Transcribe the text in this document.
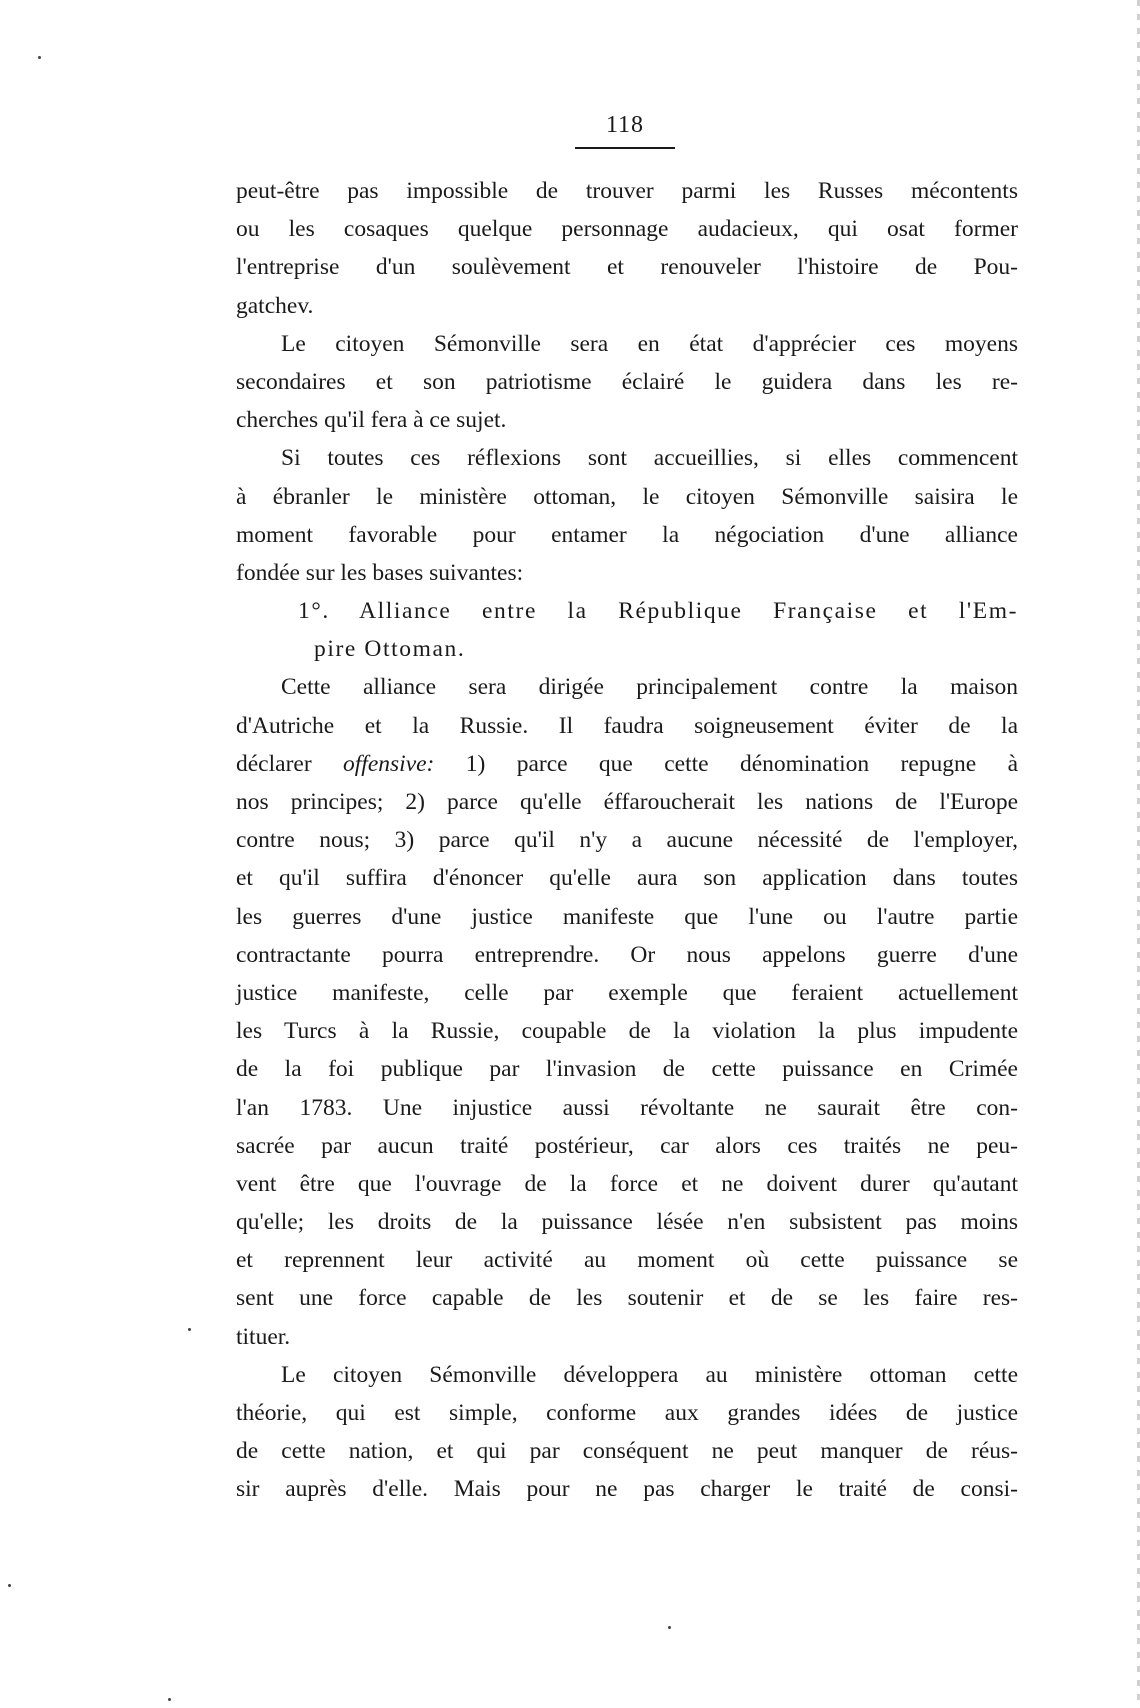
118
peut-être pas impossible de trouver parmi les Russes mécontents
ou les cosaques quelque personnage audacieux, qui osat former
l'entreprise d'un soulèvement et renouveler l'histoire de Pou-
gatchev.
Le citoyen Sémonville sera en état d'apprécier ces moyens
secondaires et son patriotisme éclairé le guidera dans les re-
cherches qu'il fera à ce sujet.
Si toutes ces réflexions sont accueillies, si elles commencent
à ébranler le ministère ottoman, le citoyen Sémonville saisira le
moment favorable pour entamer la négociation d'une alliance
fondée sur les bases suivantes:
1°. Alliance entre la République Française et l'Em-
pire Ottoman.
Cette alliance sera dirigée principalement contre la maison
d'Autriche et la Russie. Il faudra soigneusement éviter de la
déclarer offensive: 1) parce que cette dénomination repugne à
nos principes; 2) parce qu'elle éffaroucherait les nations de l'Europe
contre nous; 3) parce qu'il n'y a aucune nécessité de l'employer,
et qu'il suffira d'énoncer qu'elle aura son application dans toutes
les guerres d'une justice manifeste que l'une ou l'autre partie
contractante pourra entreprendre. Or nous appelons guerre d'une
justice manifeste, celle par exemple que feraient actuellement
les Turcs à la Russie, coupable de la violation la plus impudente
de la foi publique par l'invasion de cette puissance en Crimée
l'an 1783. Une injustice aussi révoltante ne saurait être con-
sacrée par aucun traité postérieur, car alors ces traités ne peu-
vent être que l'ouvrage de la force et ne doivent durer qu'autant
qu'elle; les droits de la puissance lésée n'en subsistent pas moins
et reprennent leur activité au moment où cette puissance se
sent une force capable de les soutenir et de se les faire res-
tituer.
Le citoyen Sémonville développera au ministère ottoman cette
théorie, qui est simple, conforme aux grandes idées de justice
de cette nation, et qui par conséquent ne peut manquer de réus-
sir auprès d'elle. Mais pour ne pas charger le traité de consi-
